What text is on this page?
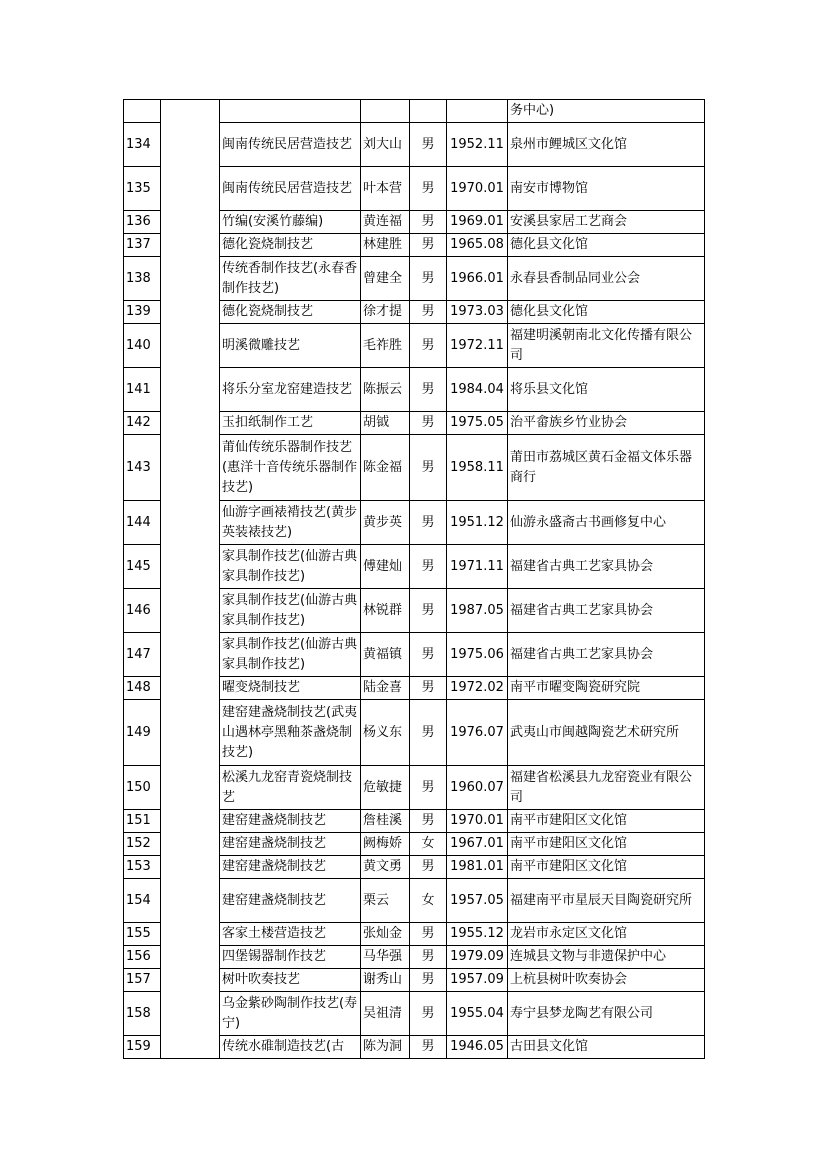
						务中心)
134		闽南传统民居营造技艺	刘大山	男	1952.11	泉州市鲤城区文化馆
135		闽南传统民居营造技艺	叶本营	男	1970.01	南安市博物馆
136		竹编(安溪竹藤编)	黄连福	男	1969.01	安溪县家居工艺商会
137		德化瓷烧制技艺	林建胜	男	1965.08	德化县文化馆
138		传统香制作技艺(永春香制作技艺)	曾建全	男	1966.01	永春县香制品同业公会
139		德化瓷烧制技艺	徐才提	男	1973.03	德化县文化馆
140		明溪微雕技艺	毛祚胜	男	1972.11	福建明溪朝南北文化传播有限公司
141		将乐分室龙窑建造技艺	陈振云	男	1984.04	将乐县文化馆
142		玉扣纸制作工艺	胡钺	男	1975.05	治平畲族乡竹业协会
143		莆仙传统乐器制作技艺(惠洋十音传统乐器制作技艺)	陈金福	男	1958.11	莆田市荔城区黄石金福文体乐器商行
144		仙游字画裱褙技艺(黄步英装裱技艺)	黄步英	男	1951.12	仙游永盛斋古书画修复中心
145		家具制作技艺(仙游古典家具制作技艺)	傅建灿	男	1971.11	福建省古典工艺家具协会
146		家具制作技艺(仙游古典家具制作技艺)	林锐群	男	1987.05	福建省古典工艺家具协会
147		家具制作技艺(仙游古典家具制作技艺)	黄福镇	男	1975.06	福建省古典工艺家具协会
148		曜变烧制技艺	陆金喜	男	1972.02	南平市曜变陶瓷研究院
149		建窑建盏烧制技艺(武夷山遇林亭黑釉茶盏烧制技艺)	杨义东	男	1976.07	武夷山市闽越陶瓷艺术研究所
150		松溪九龙窑青瓷烧制技艺	危敏捷	男	1960.07	福建省松溪县九龙窑瓷业有限公司
151		建窑建盏烧制技艺	詹桂溪	男	1970.01	南平市建阳区文化馆
152		建窑建盏烧制技艺	阙梅娇	女	1967.01	南平市建阳区文化馆
153		建窑建盏烧制技艺	黄文勇	男	1981.01	南平市建阳区文化馆
154		建窑建盏烧制技艺	栗云	女	1957.05	福建南平市星辰天目陶瓷研究所
155		客家土楼营造技艺	张灿金	男	1955.12	龙岩市永定区文化馆
156		四堡锡器制作技艺	马华强	男	1979.09	连城县文物与非遗保护中心
157		树叶吹奏技艺	谢秀山	男	1957.09	上杭县树叶吹奏协会
158		乌金紫砂陶制作技艺(寿宁)	吴祖清	男	1955.04	寿宁县梦龙陶艺有限公司
159		传统水碓制造技艺(古	陈为洞	男	1946.05	古田县文化馆
